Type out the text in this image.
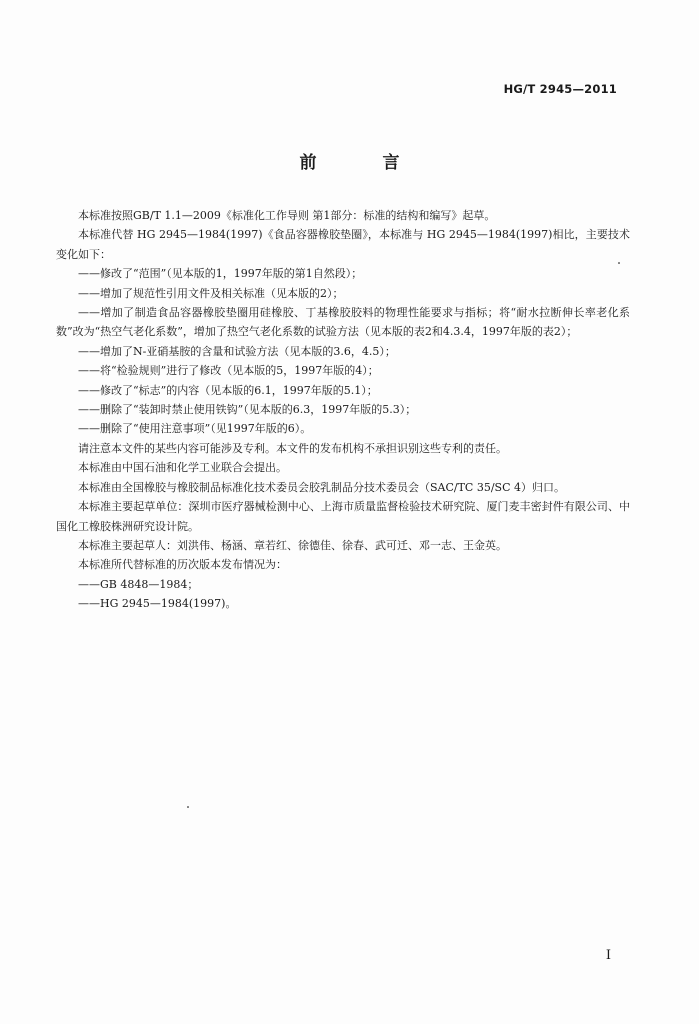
HG/T 2945—2011
前 言

本标准按照GB/T 1.1—2009《标准化工作导则 第1部分：标准的结构和编写》起草。

本标准代替 HG 2945—1984(1997)《食品容器橡胶垫圈》，本标准与 HG 2945—1984(1997)相比，主要技术变化如下：

——修改了“范围”（见本版的1，1997年版的第1自然段）；

——增加了规范性引用文件及相关标准（见本版的2）；

——增加了制造食品容器橡胶垫圈用硅橡胶、丁基橡胶胶料的物理性能要求与指标；将“耐水拉断伸长率老化系数”改为“热空气老化系数”，增加了热空气老化系数的试验方法（见本版的表2和4.3.4，1997年版的表2）；

——增加了N-亚硝基胺的含量和试验方法（见本版的3.6，4.5）；

——将“检验规则”进行了修改（见本版的5，1997年版的4）；

——修改了“标志”的内容（见本版的6.1，1997年版的5.1）；

——删除了“装卸时禁止使用铁钩”（见本版的6.3，1997年版的5.3）；

——删除了“使用注意事项”（见1997年版的6）。

请注意本文件的某些内容可能涉及专利。本文件的发布机构不承担识别这些专利的责任。

本标准由中国石油和化学工业联合会提出。

本标准由全国橡胶与橡胶制品标准化技术委员会胶乳制品分技术委员会（SAC/TC 35/SC 4）归口。

本标准主要起草单位：深圳市医疗器械检测中心、上海市质量监督检验技术研究院、厦门麦丰密封件有限公司、中国化工橡胶株洲研究设计院。

本标准主要起草人：刘洪伟、杨涵、章若红、徐德佳、徐春、武可迁、邓一志、王金英。

本标准所代替标准的历次版本发布情况为：

——GB 4848—1984；

——HG 2945—1984(1997)。

I
